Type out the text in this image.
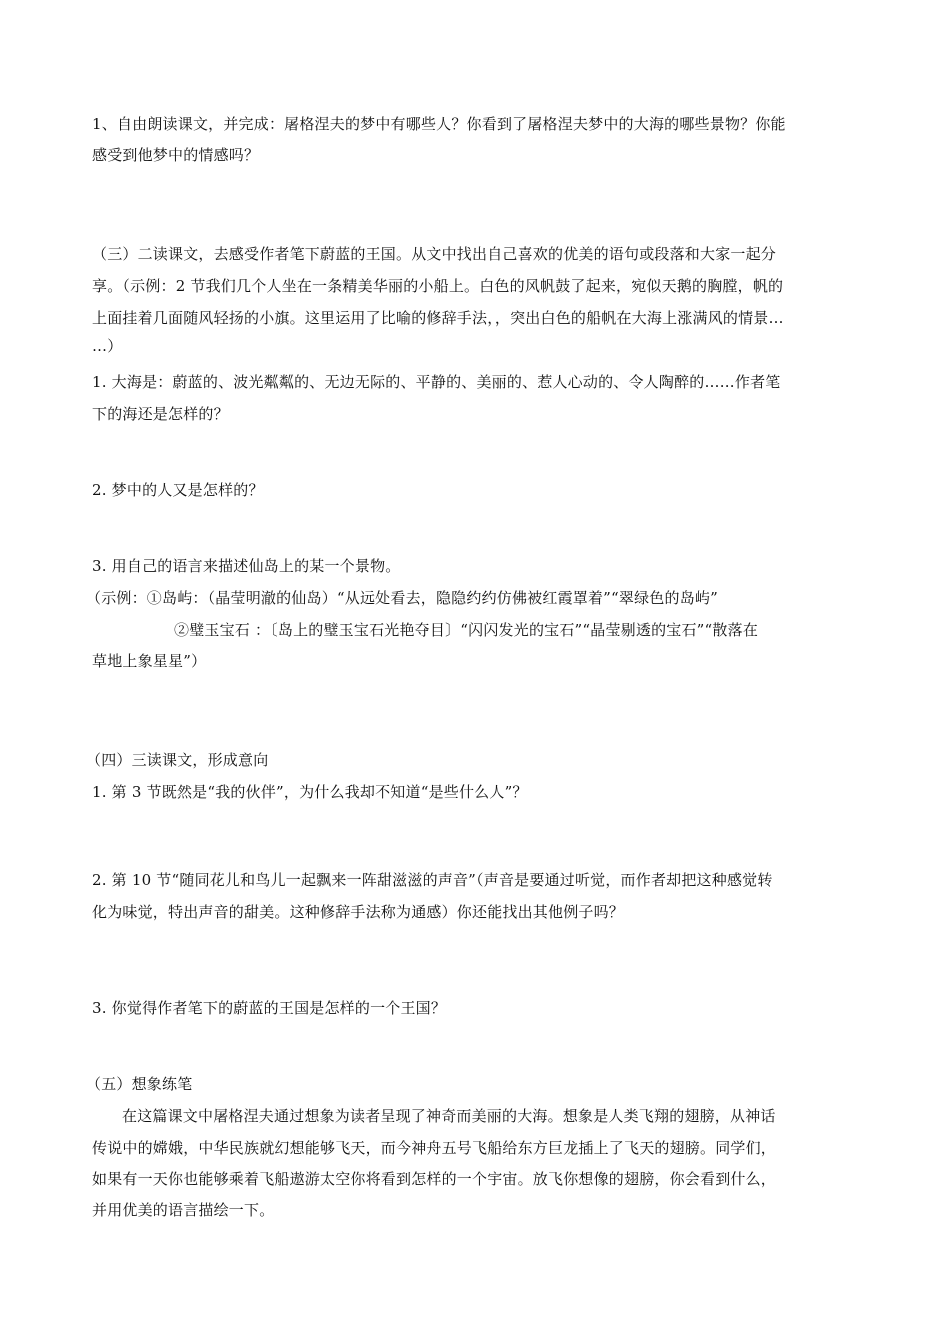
1、自由朗读课文，并完成：屠格涅夫的梦中有哪些人？你看到了屠格涅夫梦中的大海的哪些景物？你能
感受到他梦中的情感吗？
（三）二读课文，去感受作者笔下蔚蓝的王国。从文中找出自己喜欢的优美的语句或段落和大家一起分
享。（示例：2 节我们几个人坐在一条精美华丽的小船上。白色的风帆鼓了起来，宛似天鹅的胸膛，帆的
上面挂着几面随风轻扬的小旗。这里运用了比喻的修辞手法，，突出白色的船帆在大海上涨满风的情景…
…）
1. 大海是：蔚蓝的、波光粼粼的、无边无际的、平静的、美丽的、惹人心动的、令人陶醉的……作者笔
下的海还是怎样的？
2. 梦中的人又是怎样的？
3. 用自己的语言来描述仙岛上的某一个景物。
（示例：①岛屿：（晶莹明澈的仙岛）“从远处看去，隐隐约约仿佛被红霞罩着”“翠绿色的岛屿”
②璧玉宝石 ：〔岛上的璧玉宝石光艳夺目〕“闪闪发光的宝石”“晶莹剔透的宝石”“散落在
草地上象星星”）
（四）三读课文，形成意向
1. 第 3 节既然是“我的伙伴”，为什么我却不知道“是些什么人”？
2. 第 10 节“随同花儿和鸟儿一起飘来一阵甜滋滋的声音”（声音是要通过听觉，而作者却把这种感觉转
化为味觉，特出声音的甜美。这种修辞手法称为通感）你还能找出其他例子吗？
3. 你觉得作者笔下的蔚蓝的王国是怎样的一个王国？
（五）想象练笔
在这篇课文中屠格涅夫通过想象为读者呈现了神奇而美丽的大海。想象是人类飞翔的翅膀，从神话
传说中的嫦娥，中华民族就幻想能够飞天，而今神舟五号飞船给东方巨龙插上了飞天的翅膀。同学们，
如果有一天你也能够乘着飞船遨游太空你将看到怎样的一个宇宙。放飞你想像的翅膀，你会看到什么，
并用优美的语言描绘一下。
